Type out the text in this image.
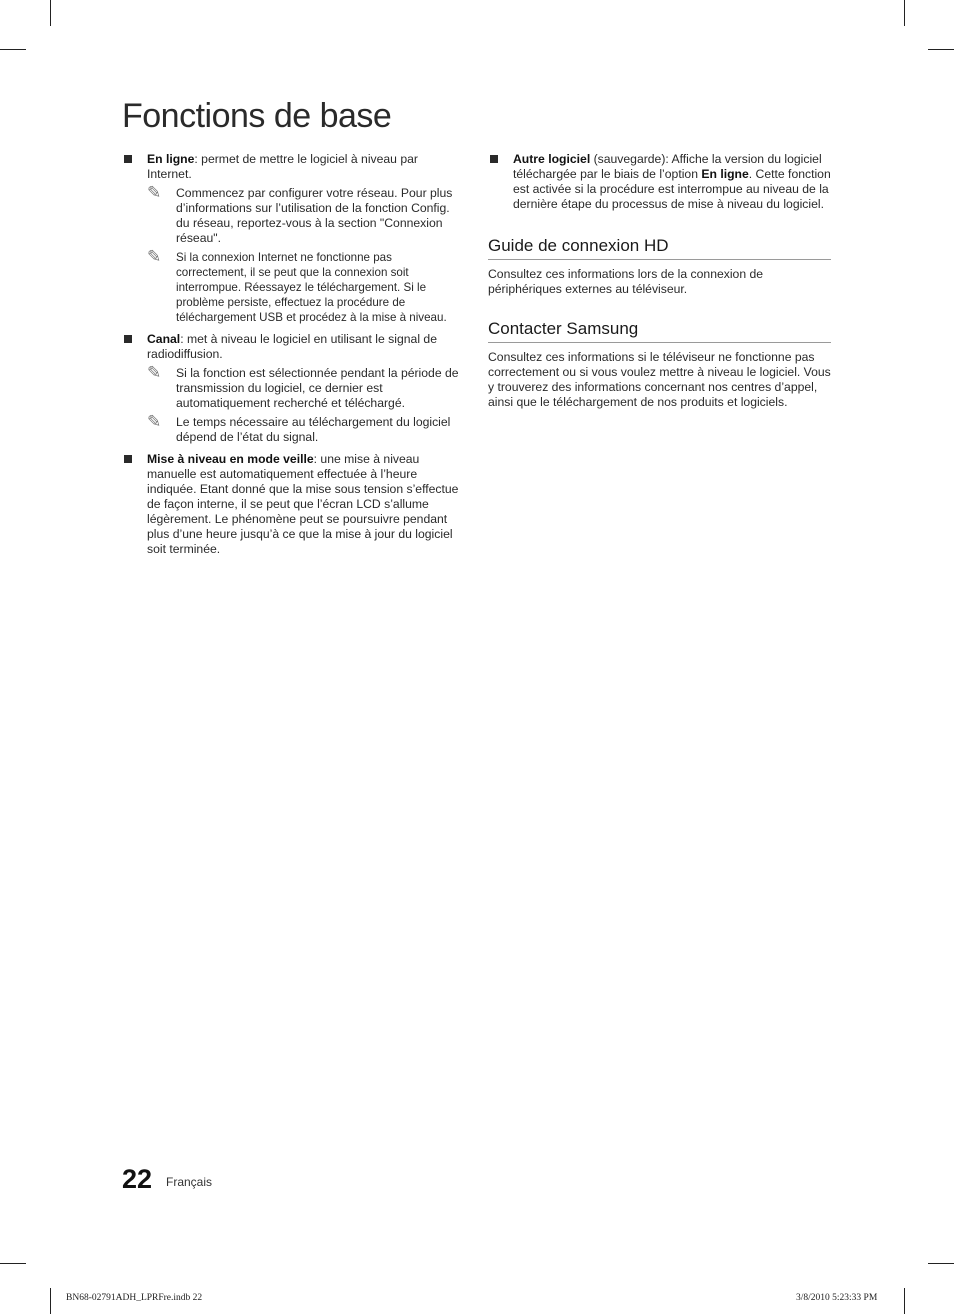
Fonctions de base
En ligne: permet de mettre le logiciel à niveau par Internet.
✎ Commencez par configurer votre réseau. Pour plus d’informations sur l’utilisation de la fonction Config. du réseau, reportez-vous à la section "Connexion réseau".
✎ Si la connexion Internet ne fonctionne pas correctement, il se peut que la connexion soit interrompue. Réessayez le téléchargement. Si le problème persiste, effectuez la procédure de téléchargement USB et procédez à la mise à niveau.
Canal: met à niveau le logiciel en utilisant le signal de radiodiffusion.
✎ Si la fonction est sélectionnée pendant la période de transmission du logiciel, ce dernier est automatiquement recherché et téléchargé.
✎ Le temps nécessaire au téléchargement du logiciel dépend de l’état du signal.
Mise à niveau en mode veille: une mise à niveau manuelle est automatiquement effectuée à l’heure indiquée. Etant donné que la mise sous tension s’effectue de façon interne, il se peut que l’écran LCD s’allume légèrement. Le phénomène peut se poursuivre pendant plus d’une heure jusqu’à ce que la mise à jour du logiciel soit terminée.
Autre logiciel (sauvegarde): Affiche la version du logiciel téléchargée par le biais de l’option En ligne. Cette fonction est activée si la procédure est interrompue au niveau de la dernière étape du processus de mise à niveau du logiciel.
Guide de connexion HD

Consultez ces informations lors de la connexion de périphériques externes au téléviseur.

Contacter Samsung

Consultez ces informations si le téléviseur ne fonctionne pas correctement ou si vous voulez mettre à niveau le logiciel. Vous y trouverez des informations concernant nos centres d’appel, ainsi que le téléchargement de nos produits et logiciels.

22 Français
BN68-02791ADH_LPRFre.indb 22	3/8/2010 5:23:33 PM
